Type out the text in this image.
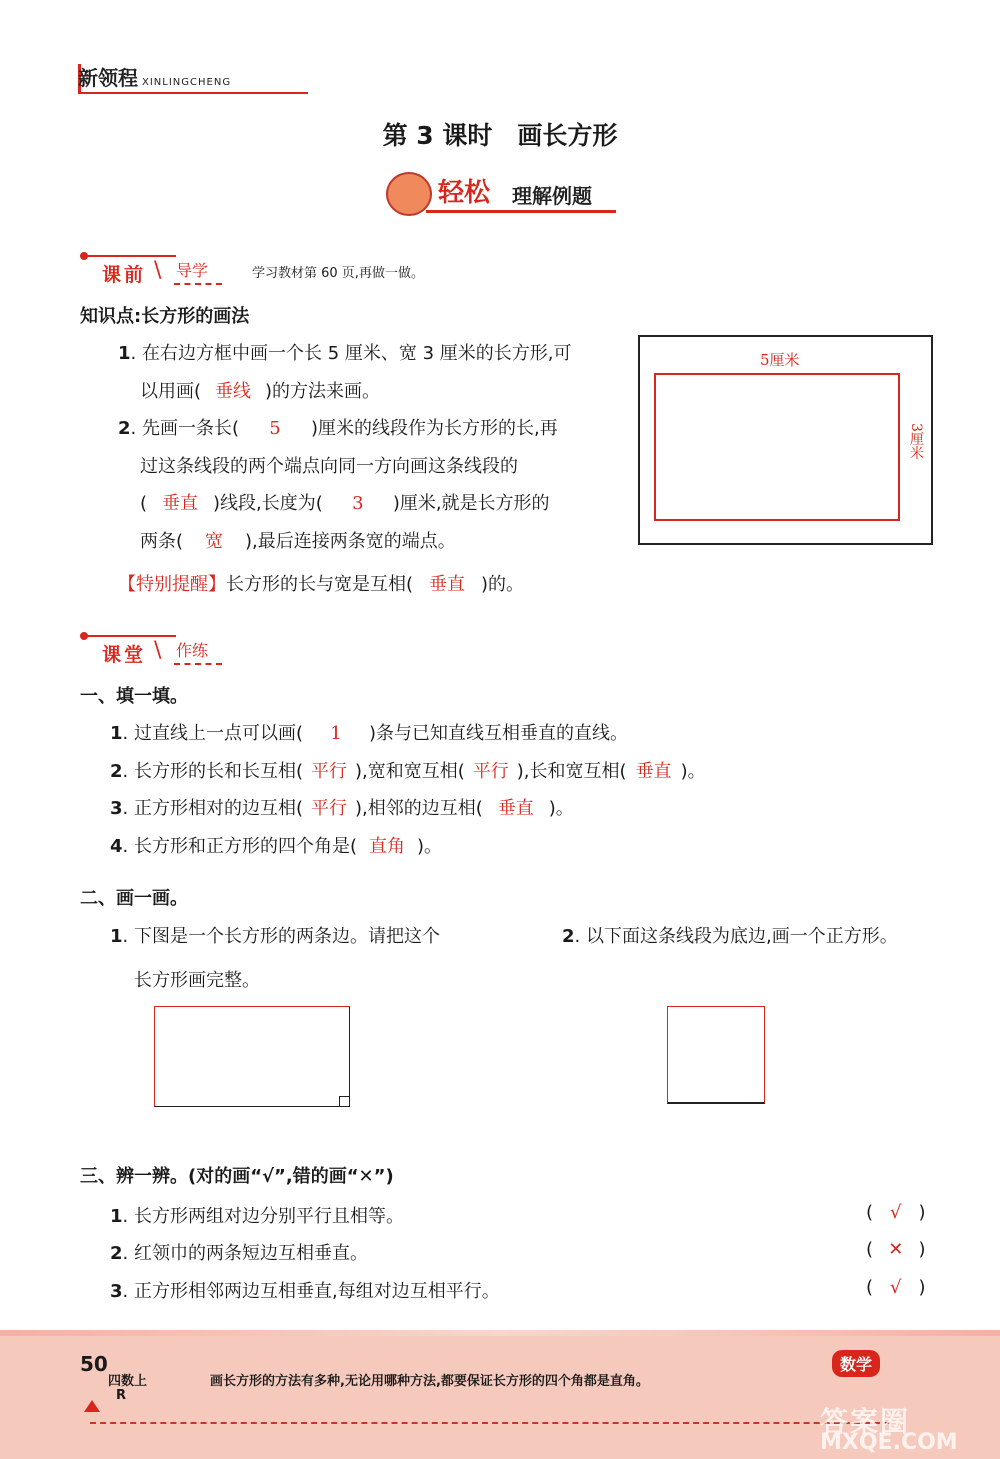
新领程 XINLINGCHENG
第 3 课时　画长方形
轻松 理解例题
课前 \ 导学	学习教材第 60 页,再做一做。
知识点:长方形的画法
1. 在右边方框中画一个长 5 厘米、宽 3 厘米的长方形,可
以用画( 垂线 )的方法来画。
2. 先画一条长( 5 )厘米的线段作为长方形的长,再
过这条线段的两个端点向同一方向画这条线段的
( 垂直 )线段,长度为( 3 )厘米,就是长方形的
两条( 宽 ),最后连接两条宽的端点。
5厘米
3厘米
【特别提醒】长方形的长与宽是互相( 垂直 )的。
课堂 \ 作练
一、填一填。
1. 过直线上一点可以画( 1 )条与已知直线互相垂直的直线。
2. 长方形的长和长互相( 平行 ),宽和宽互相( 平行 ),长和宽互相( 垂直 )。
3. 正方形相对的边互相( 平行 ),相邻的边互相( 垂直 )。
4. 长方形和正方形的四个角是( 直角 )。
二、画一画。
1. 下图是一个长方形的两条边。请把这个
长方形画完整。
2. 以下面这条线段为底边,画一个正方形。
三、辨一辨。(对的画“√”,错的画“✕”)
1. 长方形两组对边分别平行且相等。	( √ )
2. 红领巾的两条短边互相垂直。	( ✕ )
3. 正方形相邻两边互相垂直,每组对边互相平行。	( √ )
50
四数上
R
画长方形的方法有多种,无论用哪种方法,都要保证长方形的四个角都是直角。
数学
答案圈
MXQE.COM
